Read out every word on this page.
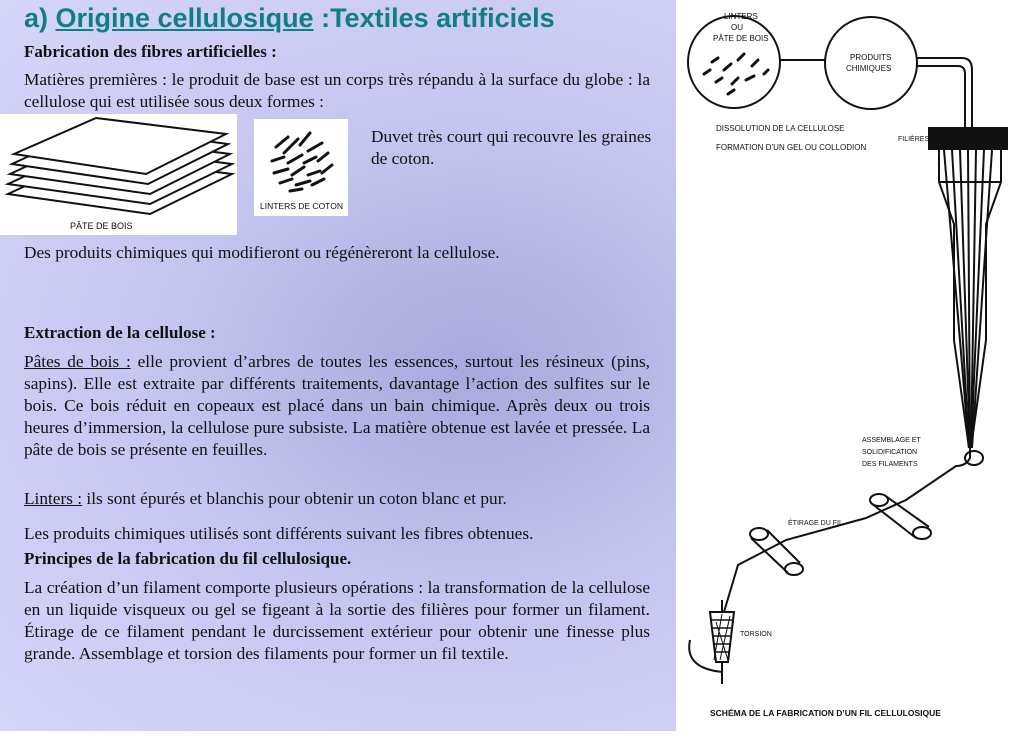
a) Origine cellulosique :Textiles artificiels
Fabrication des fibres artificielles :
Matières premières : le produit de base est un corps très répandu à la surface du globe : la cellulose qui est utilisée sous deux formes :
PÂTE DE BOIS
LINTERS DE COTON
Duvet très court qui recouvre les graines de coton.
Des produits chimiques qui modifieront ou régénèreront la cellulose.
Extraction de la cellulose :
Pâtes de bois : elle provient d’arbres de toutes les essences, surtout les résineux (pins, sapins). Elle est extraite par différents traitements, davantage l’action des sulfites sur le bois. Ce bois réduit en copeaux est placé dans un bain chimique. Après deux ou trois heures d’immersion, la cellulose pure subsiste. La matière obtenue est lavée et pressée. La pâte de bois se présente en feuilles.
Linters : ils sont épurés et blanchis pour obtenir un coton blanc et pur.
Les produits chimiques utilisés sont différents suivant les fibres obtenues.
Principes de la fabrication du fil cellulosique.
La création d’un filament comporte plusieurs opérations : la transformation de la cellulose en un liquide visqueux ou gel se figeant à la sortie des filières pour former un filament. Étirage de ce filament pendant le durcissement extérieur pour obtenir une finesse plus grande. Assemblage et torsion des filaments pour former un fil textile.
LINTERS
OU
PÂTE DE BOIS
PRODUITS
CHIMIQUES
DISSOLUTION DE LA CELLULOSE
FORMATION D’UN GEL OU COLLODION
FILIÈRES
ASSEMBLAGE ET
SOLIDIFICATION
DES FILAMENTS
ÉTIRAGE DU FIL
TORSION
SCHÉMA DE LA FABRICATION D’UN FIL CELLULOSIQUE
